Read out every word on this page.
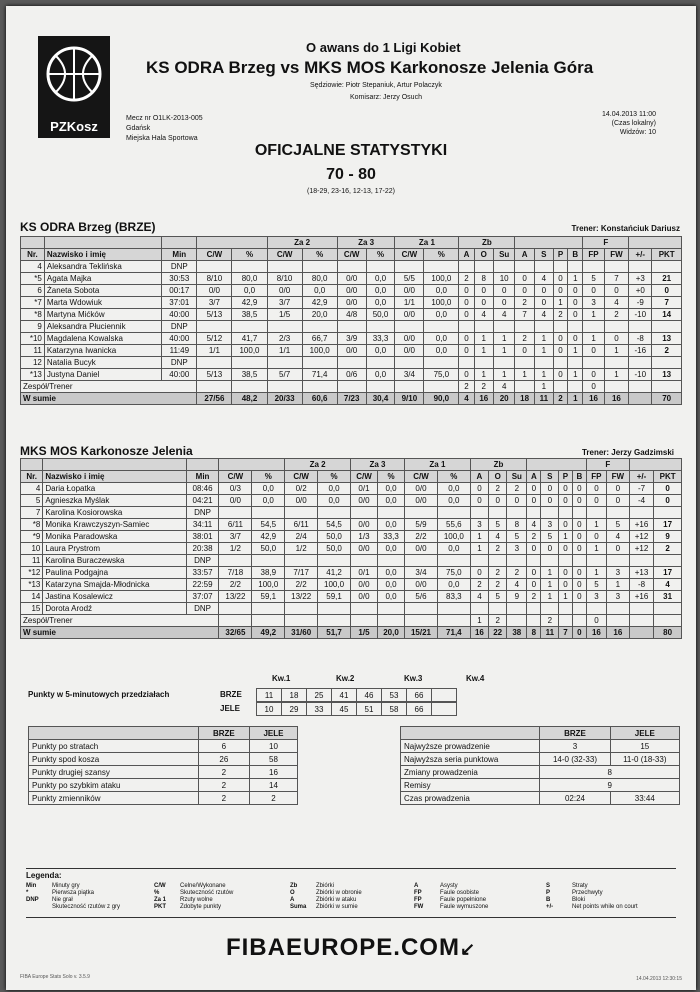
PZKosz
O awans do 1 Ligi Kobiet
KS ODRA Brzeg vs MKS MOS Karkonosze Jelenia Góra
Sędziowie: Piotr Stepaniuk, Artur Polaczyk
Komisarz: Jerzy Osuch
Mecz nr O1LK-2013-005
Gdańsk
Miejska Hala Sportowa
14.04.2013 11:00
(Czas lokalny)
Widzów: 10
OFICJALNE STATYSTYKI
70 - 80
(18-29, 23-16, 12-13, 17-22)
KS ODRA Brzeg (BRZE)	Trener: Konstańciuk Dariusz
					Za 2		Za 3		Za 1		Zb							F			
Nr.	Nazwisko i imię	Min	C/W	%	C/W	%	C/W	%	C/W	%	A	O	Su	A	S	P	B	FP	FW	+/-	PKT
4	Aleksandra Teklińska	DNP																			
*5	Agata Majka	30:53	8/10	80,0	8/10	80,0	0/0	0,0	5/5	100,0	2	8	10	0	4	0	1	5	7	+3	21
6	Żaneta Sobota	00:17	0/0	0,0	0/0	0,0	0/0	0,0	0/0	0,0	0	0	0	0	0	0	0	0	0	+0	0
*7	Marta Wdowiuk	37:01	3/7	42,9	3/7	42,9	0/0	0,0	1/1	100,0	0	0	0	2	0	1	0	3	4	-9	7
*8	Martyna Mićków	40:00	5/13	38,5	1/5	20,0	4/8	50,0	0/0	0,0	0	4	4	7	4	2	0	1	2	-10	14
9	Aleksandra Płuciennik	DNP																			
*10	Magdalena Kowalska	40:00	5/12	41,7	2/3	66,7	3/9	33,3	0/0	0,0	0	1	1	2	1	0	0	1	0	-8	13
11	Katarzyna Iwanicka	11:49	1/1	100,0	1/1	100,0	0/0	0,0	0/0	0,0	0	1	1	0	1	0	1	0	1	-16	2
12	Natalia Bucyk	DNP																			
*13	Justyna Daniel	40:00	5/13	38,5	5/7	71,4	0/6	0,0	3/4	75,0	0	1	1	1	1	0	1	0	1	-10	13
Zespół/Trener											2	2	4		1			0			
W sumie			27/56	48,2	20/33	60,6	7/23	30,4	9/10	90,0	4	16	20	18	11	2	1	16	16		70
MKS MOS Karkonosze Jelenia	Trener: Jerzy Gadzimski
					Za 2		Za 3		Za 1		Zb							F			
Nr.	Nazwisko i imię	Min	C/W	%	C/W	%	C/W	%	C/W	%	A	O	Su	A	S	P	B	FP	FW	+/-	PKT
4	Daria Łopatka	08:46	0/3	0,0	0/2	0,0	0/1	0,0	0/0	0,0	0	2	2	0	0	0	0	0	0	-7	0
5	Agnieszka Myślak	04:21	0/0	0,0	0/0	0,0	0/0	0,0	0/0	0,0	0	0	0	0	0	0	0	0	0	-4	0
7	Karolina Kosiorowska	DNP																			
*8	Monika Krawczyszyn-Samiec	34:11	6/11	54,5	6/11	54,5	0/0	0,0	5/9	55,6	3	5	8	4	3	0	0	1	5	+16	17
*9	Monika Paradowska	38:01	3/7	42,9	2/4	50,0	1/3	33,3	2/2	100,0	1	4	5	2	5	1	0	0	4	+12	9
10	Laura Prystrom	20:38	1/2	50,0	1/2	50,0	0/0	0,0	0/0	0,0	1	2	3	0	0	0	0	1	0	+12	2
11	Karolina Buraczewska	DNP																			
*12	Paulina Podgajna	33:57	7/18	38,9	7/17	41,2	0/1	0,0	3/4	75,0	0	2	2	0	1	0	0	1	3	+13	17
*13	Katarzyna Smajda-Młodnicka	22:59	2/2	100,0	2/2	100,0	0/0	0,0	0/0	0,0	2	2	4	0	1	0	0	5	1	-8	4
14	Jastina Kosalewicz	37:07	13/22	59,1	13/22	59,1	0/0	0,0	5/6	83,3	4	5	9	2	1	1	0	3	3	+16	31
15	Dorota Arodź	DNP																			
Zespół/Trener											1	2			2			0			
W sumie			32/65	49,2	31/60	51,7	1/5	20,0	15/21	71,4	16	22	38	8	11	7	0	16	16		80
Punkty w 5-minutowych przedziałach
Kw.1	Kw.2	Kw.3	Kw.4
BRZE	11	18	25	41	46	53	66	
JELE	10	29	33	45	51	58	66	
	BRZE	JELE
Punkty po stratach	6	10
Punkty spod kosza	26	58
Punkty drugiej szansy	2	16
Punkty po szybkim ataku	2	14
Punkty zmienników	2	2
	BRZE	JELE
Najwyższe prowadzenie	3	15
Najwyższa seria punktowa	14-0 (32-33)	11-0 (18-33)
Zmiany prowadzenia	8	
Remisy	9	
Czas prowadzenia	02:24	33:44
Legenda:
Min	Minuty gry
*	Pierwsza piątka
DNP Nie grał
Skuteczność rzutów z gry
C/W Celne/Wykonane
%	Skuteczność rzutów
Za 1 Rzuty wolne
PKT Zdobyte punkty
Zb	Zbiórki
O	Zbiórki w obronie
A	Zbiórki w ataku
Suma Zbiórki w sumie
A	Asysty
FP	Faule osobiste
FP	Faule popełnione
FW	Faule wymuszone
S	Straty
P	Przechwyty
B	Bloki
+/-	Net points while on court
FIBAEUROPE.COM↙
FIBA Europe Stats Solo v. 3.5.9	14.04.2013 12:30:15
